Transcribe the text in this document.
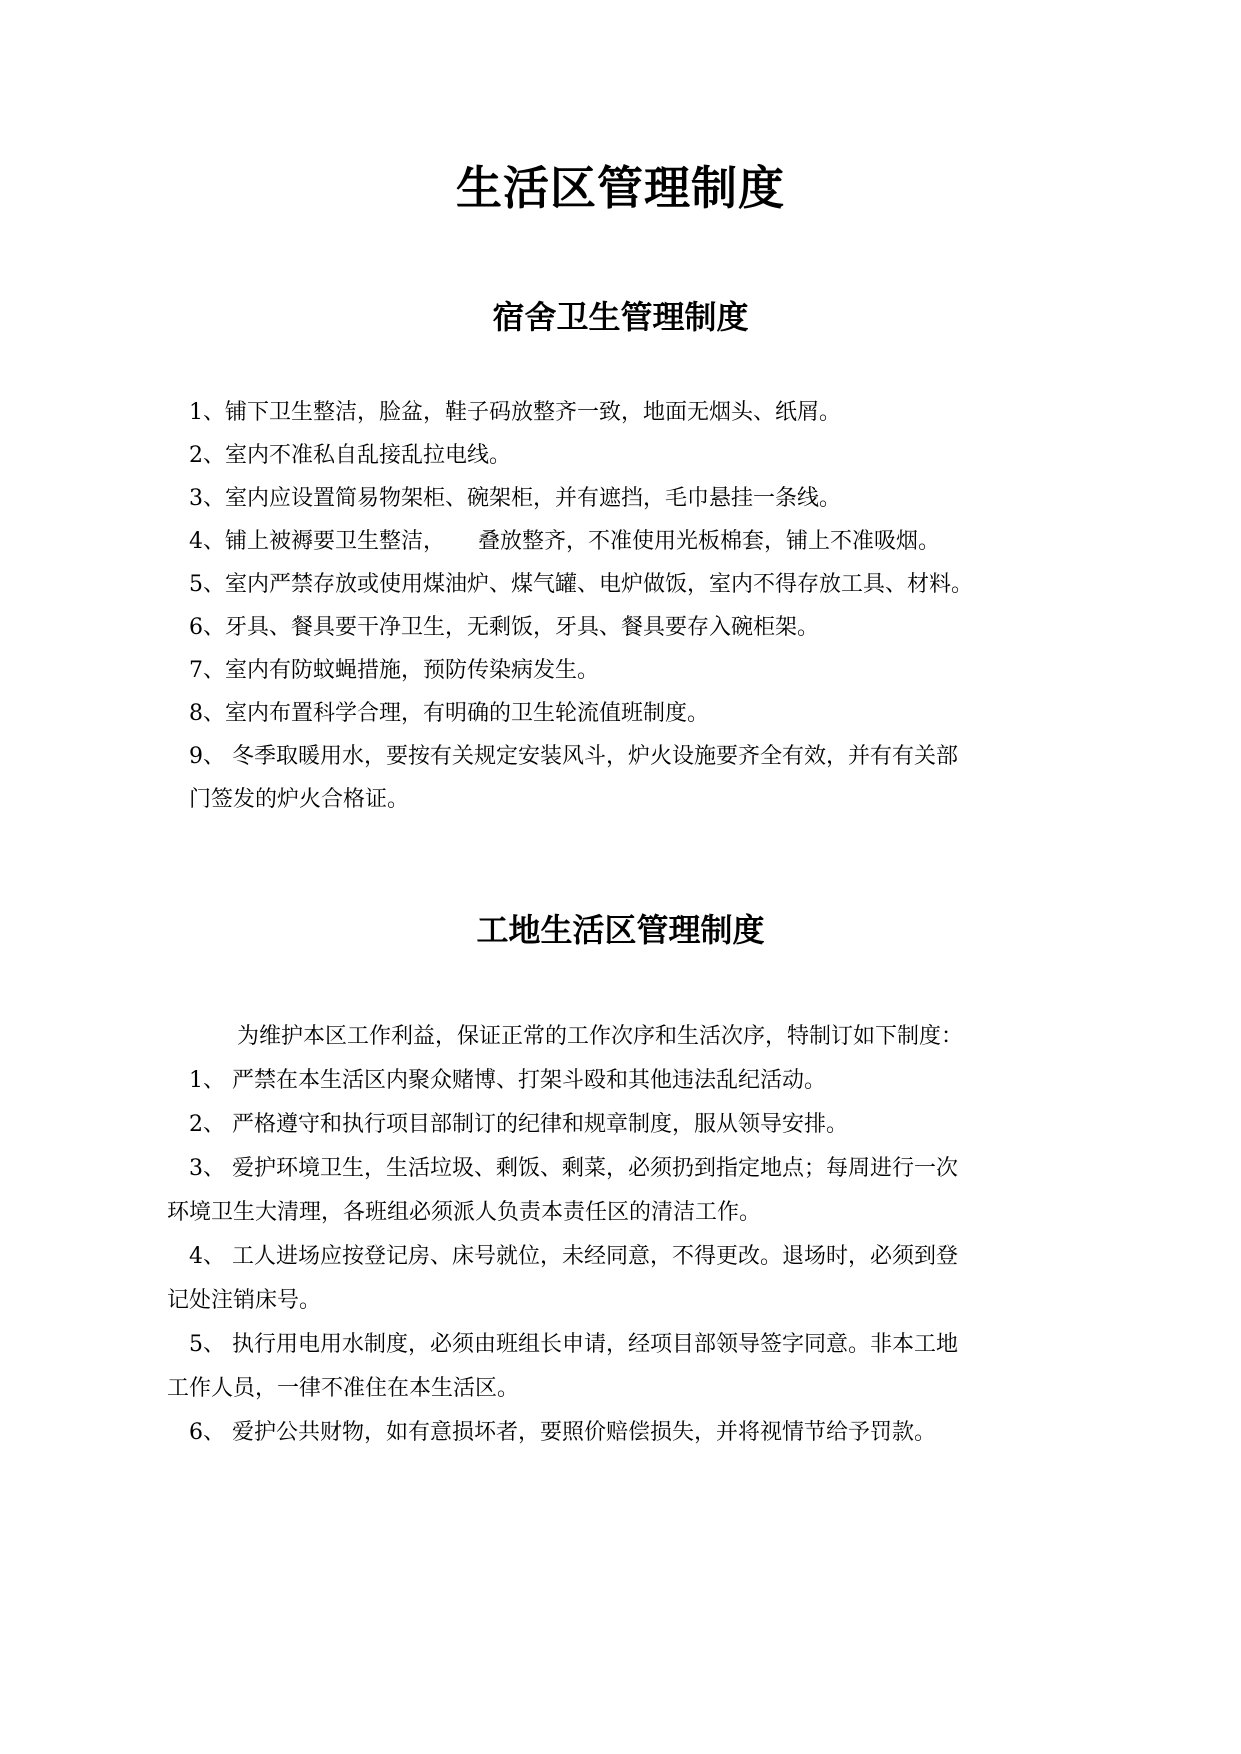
生活区管理制度
宿舍卫生管理制度
1、铺下卫生整洁，脸盆，鞋子码放整齐一致，地面无烟头、纸屑。
2、室内不准私自乱接乱拉电线。
3、室内应设置简易物架柜、碗架柜，并有遮挡，毛巾悬挂一条线。
4、铺上被褥要卫生整洁，　　叠放整齐，不准使用光板棉套，铺上不准吸烟。
5、室内严禁存放或使用煤油炉、煤气罐、电炉做饭，室内不得存放工具、材料。
6、牙具、餐具要干净卫生，无剩饭，牙具、餐具要存入碗柜架。
7、室内有防蚊蝇措施，预防传染病发生。
8、室内布置科学合理，有明确的卫生轮流值班制度。
9、 冬季取暖用水，要按有关规定安装风斗，炉火设施要齐全有效，并有有关部
门签发的炉火合格证。
工地生活区管理制度
为维护本区工作利益，保证正常的工作次序和生活次序，特制订如下制度：
1、 严禁在本生活区内聚众赌博、打架斗殴和其他违法乱纪活动。
2、 严格遵守和执行项目部制订的纪律和规章制度，服从领导安排。
3、 爱护环境卫生，生活垃圾、剩饭、剩菜，必须扔到指定地点；每周进行一次
环境卫生大清理，各班组必须派人负责本责任区的清洁工作。
4、 工人进场应按登记房、床号就位，未经同意，不得更改。退场时，必须到登
记处注销床号。
5、 执行用电用水制度，必须由班组长申请，经项目部领导签字同意。非本工地
工作人员，一律不准住在本生活区。
6、 爱护公共财物，如有意损坏者，要照价赔偿损失，并将视情节给予罚款。
